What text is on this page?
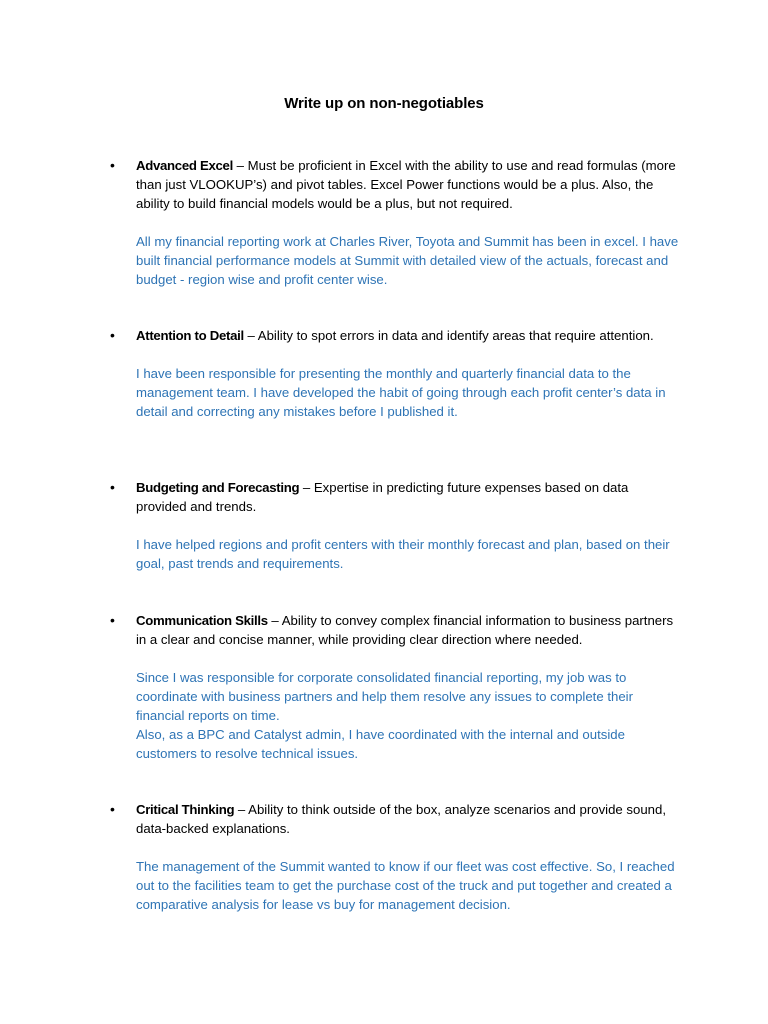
Write up on non-negotiables
• Advanced Excel – Must be proficient in Excel with the ability to use and read formulas (more than just VLOOKUP’s) and pivot tables. Excel Power functions would be a plus. Also, the ability to build financial models would be a plus, but not required.

All my financial reporting work at Charles River, Toyota and Summit has been in excel. I have built financial performance models at Summit with detailed view of the actuals, forecast and budget - region wise and profit center wise.

• Attention to Detail – Ability to spot errors in data and identify areas that require attention.

I have been responsible for presenting the monthly and quarterly financial data to the management team. I have developed the habit of going through each profit center’s data in detail and correcting any mistakes before I published it.

• Budgeting and Forecasting – Expertise in predicting future expenses based on data provided and trends.

I have helped regions and profit centers with their monthly forecast and plan, based on their goal, past trends and requirements.

• Communication Skills – Ability to convey complex financial information to business partners in a clear and concise manner, while providing clear direction where needed.

Since I was responsible for corporate consolidated financial reporting, my job was to coordinate with business partners and help them resolve any issues to complete their financial reports on time.

Also, as a BPC and Catalyst admin, I have coordinated with the internal and outside customers to resolve technical issues.

• Critical Thinking – Ability to think outside of the box, analyze scenarios and provide sound, data-backed explanations.

The management of the Summit wanted to know if our fleet was cost effective. So, I reached out to the facilities team to get the purchase cost of the truck and put together and created a comparative analysis for lease vs buy for management decision.
